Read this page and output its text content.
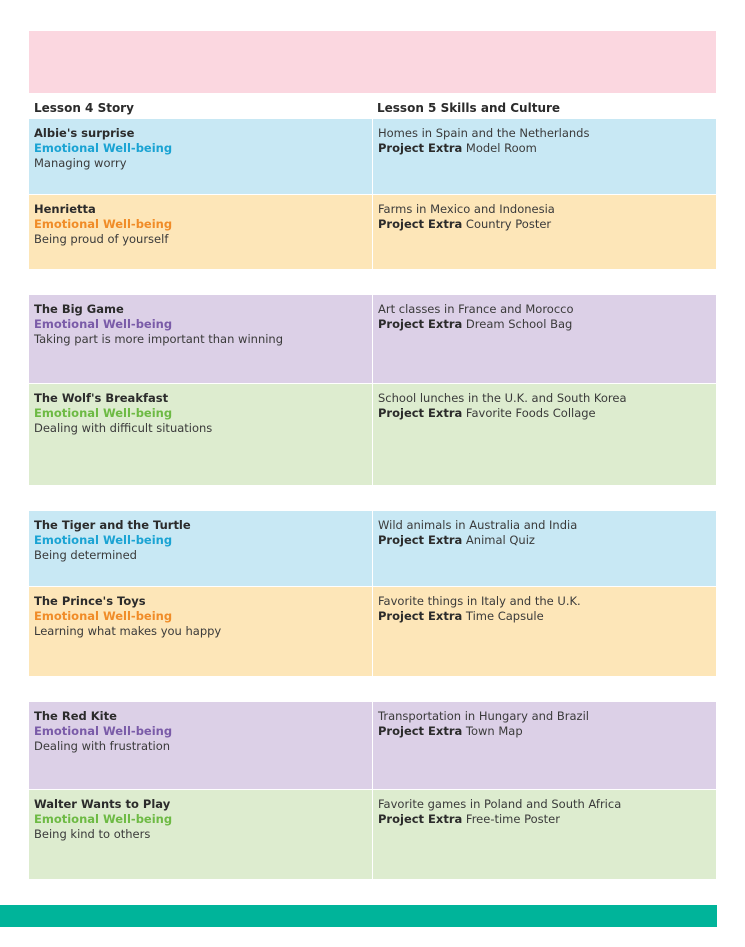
Lesson 4 Story	Lesson 5 Skills and Culture
Albie's surprise
Emotional Well-being
Managing worry
Homes in Spain and the Netherlands
Project Extra Model Room
Henrietta
Emotional Well-being
Being proud of yourself
Farms in Mexico and Indonesia
Project Extra Country Poster
The Big Game
Emotional Well-being
Taking part is more important than winning
Art classes in France and Morocco
Project Extra Dream School Bag
The Wolf's Breakfast
Emotional Well-being
Dealing with difficult situations
School lunches in the U.K. and South Korea
Project Extra Favorite Foods Collage
The Tiger and the Turtle
Emotional Well-being
Being determined
Wild animals in Australia and India
Project Extra Animal Quiz
The Prince's Toys
Emotional Well-being
Learning what makes you happy
Favorite things in Italy and the U.K.
Project Extra Time Capsule
The Red Kite
Emotional Well-being
Dealing with frustration
Transportation in Hungary and Brazil
Project Extra Town Map
Walter Wants to Play
Emotional Well-being
Being kind to others
Favorite games in Poland and South Africa
Project Extra Free-time Poster
